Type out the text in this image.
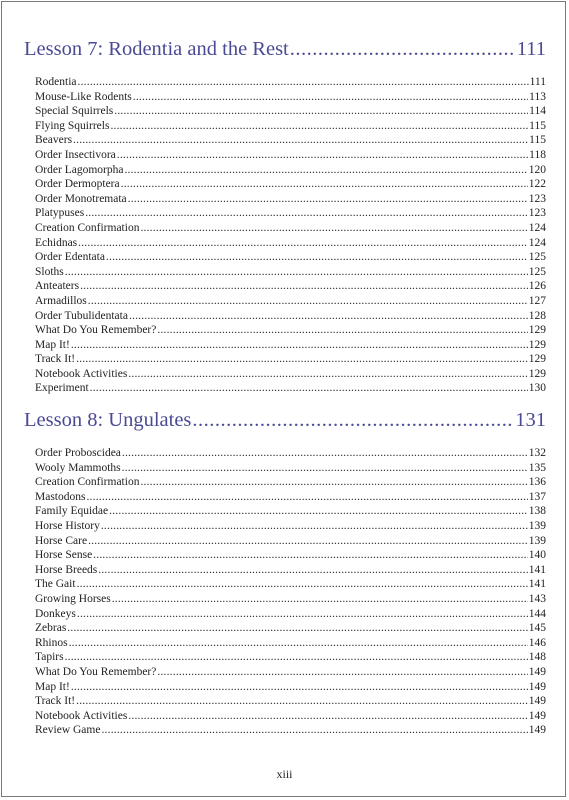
Lesson 7: Rodentia and the Rest .....	111
Rodentia .....	111
Mouse-Like Rodents .....	113
Special Squirrels .....	114
Flying Squirrels .....	115
Beavers .....	115
Order Insectivora .....	118
Order Lagomorpha .....	120
Order Dermoptera .....	122
Order Monotremata .....	123
Platypuses .....	123
Creation Confirmation .....	124
Echidnas .....	124
Order Edentata .....	125
Sloths .....	125
Anteaters .....	126
Armadillos .....	127
Order Tubulidentata .....	128
What Do You Remember? .....	129
Map It! .....	129
Track It! .....	129
Notebook Activities .....	129
Experiment .....	130
Lesson 8: Ungulates .....	131
Order Proboscidea .....	132
Wooly Mammoths .....	135
Creation Confirmation .....	136
Mastodons .....	137
Family Equidae .....	138
Horse History .....	139
Horse Care .....	139
Horse Sense .....	140
Horse Breeds .....	141
The Gait .....	141
Growing Horses .....	143
Donkeys .....	144
Zebras .....	145
Rhinos .....	146
Tapirs .....	148
What Do You Remember? .....	149
Map It! .....	149
Track It! .....	149
Notebook Activities .....	149
Review Game .....	149
xiii
